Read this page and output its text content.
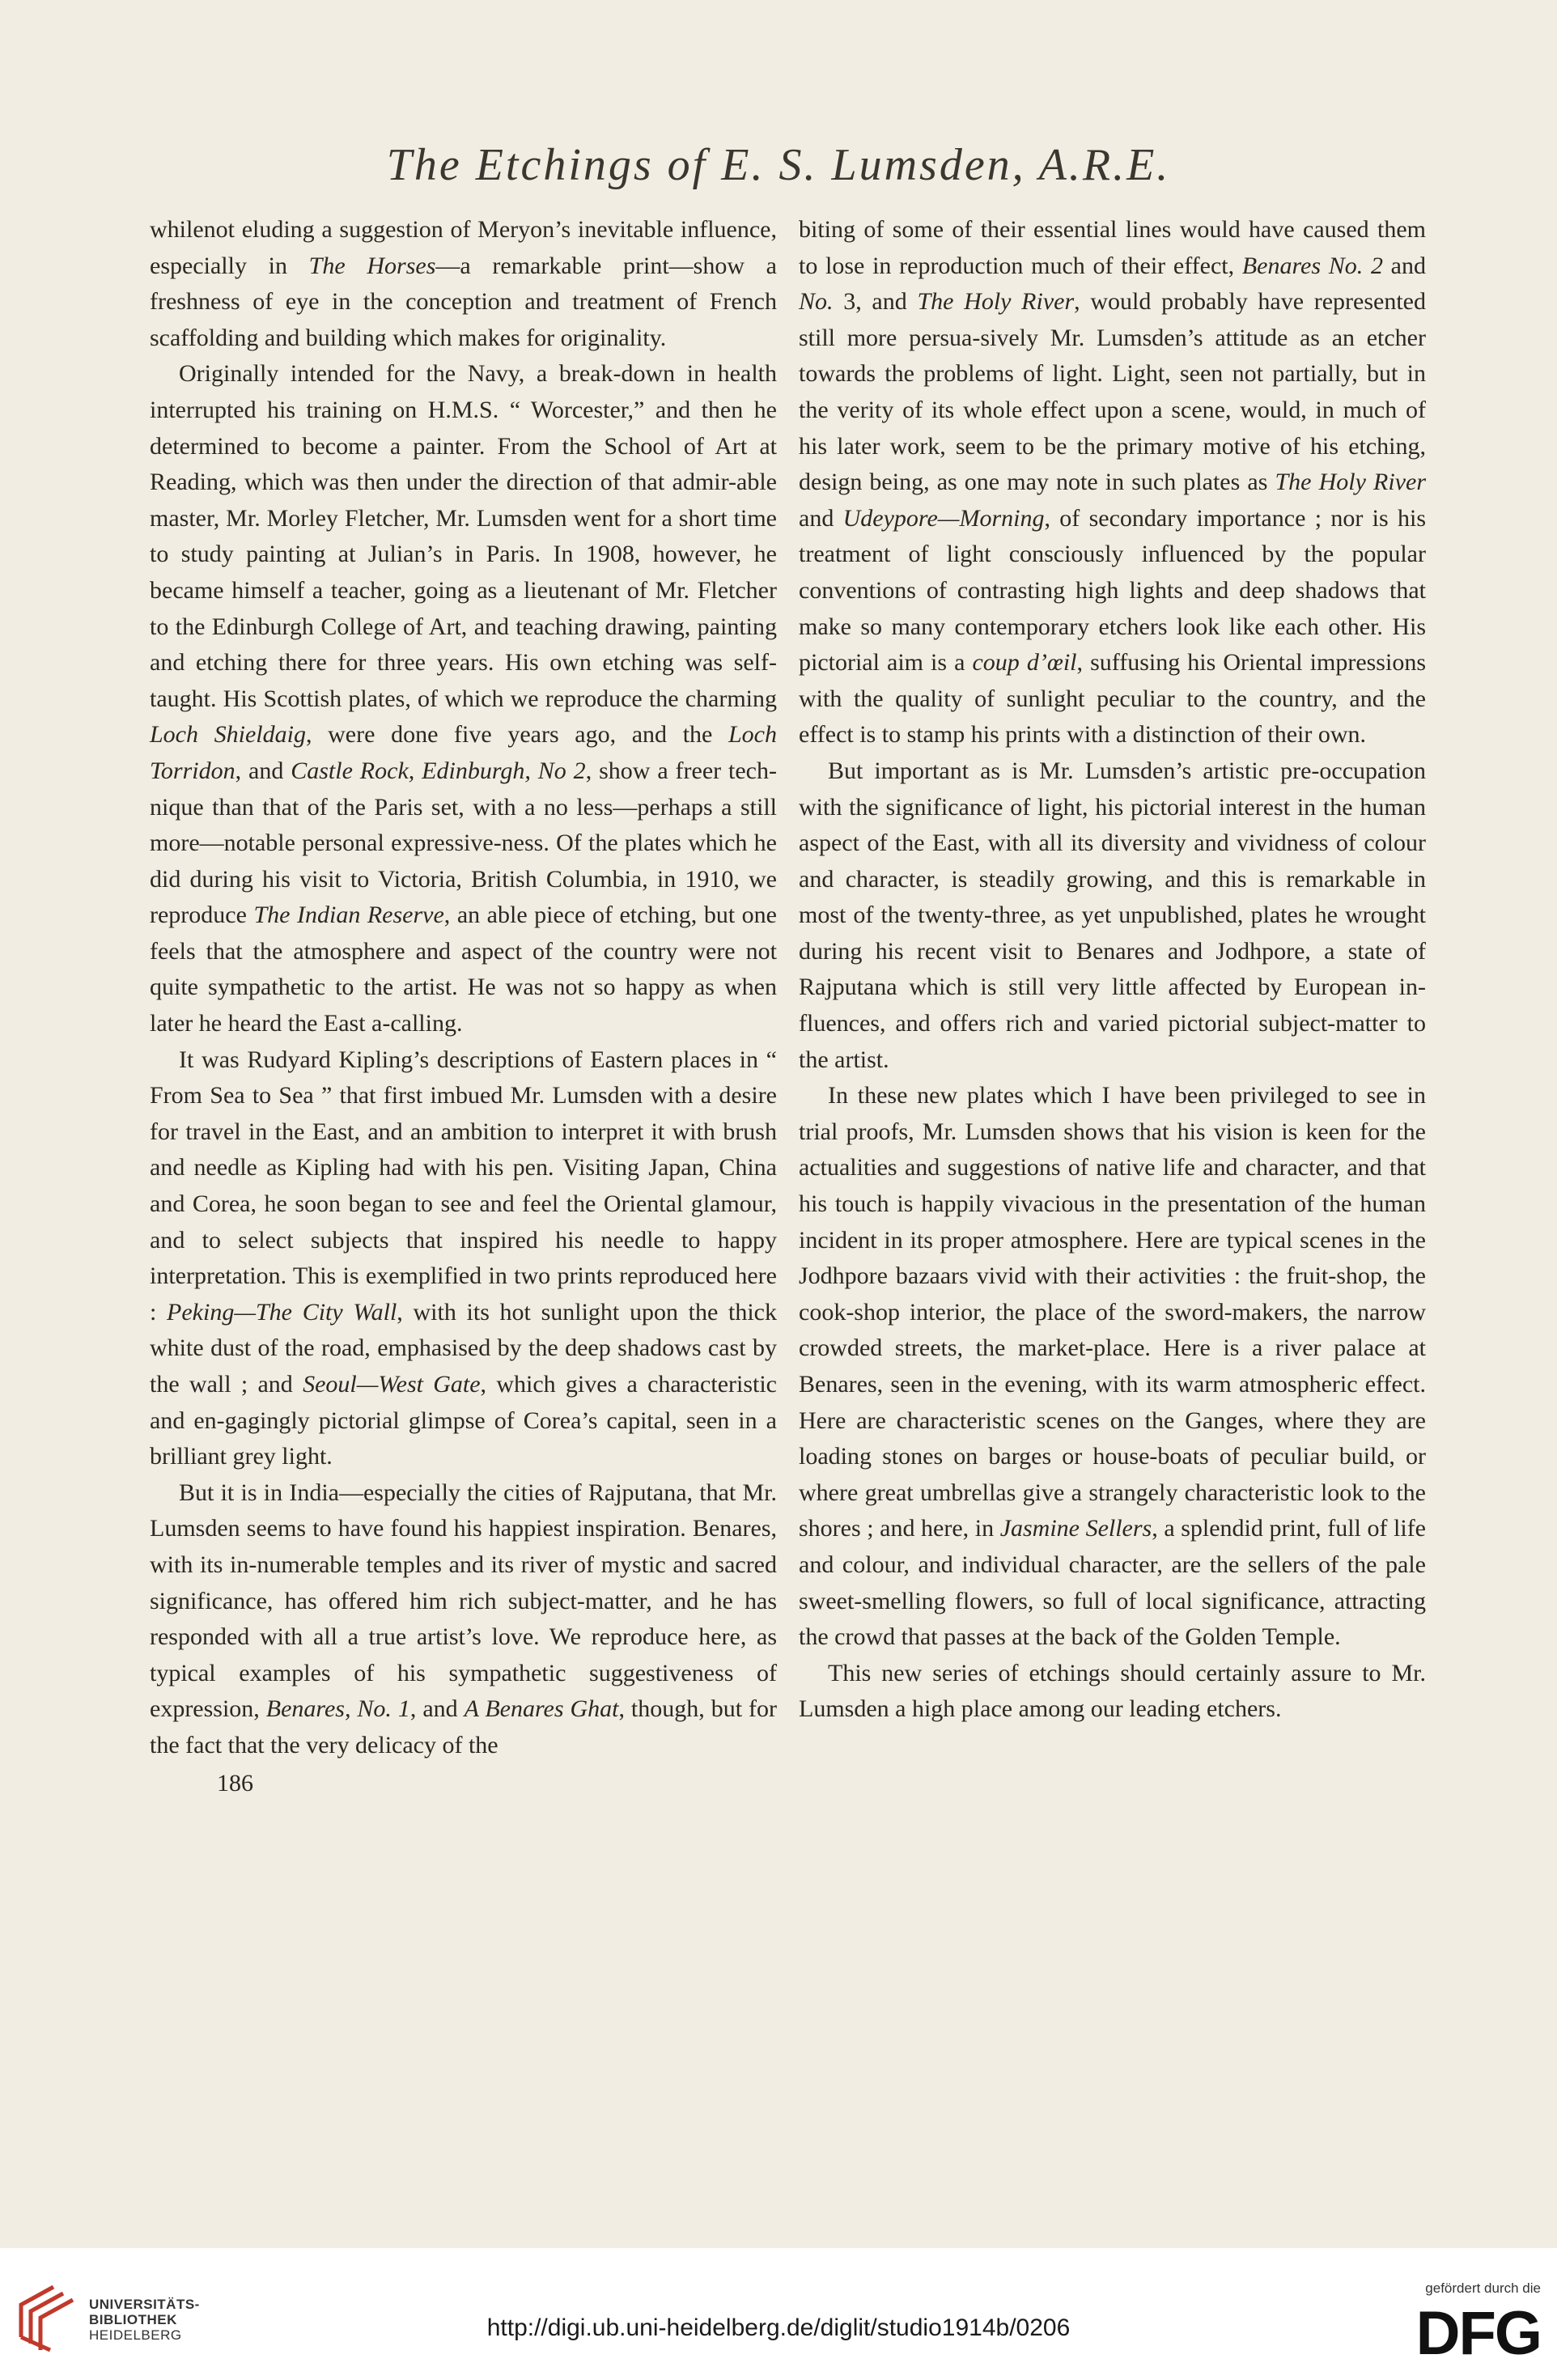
The Etchings of E. S. Lumsden, A.R.E.

whilenot eluding a suggestion of Meryon’s inevitable influence, especially in The Horses—a remarkable print—show a freshness of eye in the conception and treatment of French scaffolding and building which makes for originality.

Originally intended for the Navy, a break-down in health interrupted his training on H.M.S. “ Worcester,” and then he determined to become a painter. From the School of Art at Reading, which was then under the direction of that admir-able master, Mr. Morley Fletcher, Mr. Lumsden went for a short time to study painting at Julian’s in Paris. In 1908, however, he became himself a teacher, going as a lieutenant of Mr. Fletcher to the Edinburgh College of Art, and teaching drawing, painting and etching there for three years. His own etching was self-taught. His Scottish plates, of which we reproduce the charming Loch Shieldaig, were done five years ago, and the Loch Torridon, and Castle Rock, Edinburgh, No 2, show a freer tech-nique than that of the Paris set, with a no less—perhaps a still more—notable personal expressive-ness. Of the plates which he did during his visit to Victoria, British Columbia, in 1910, we reproduce The Indian Reserve, an able piece of etching, but one feels that the atmosphere and aspect of the country were not quite sympathetic to the artist. He was not so happy as when later he heard the East a-calling.

It was Rudyard Kipling’s descriptions of Eastern places in “ From Sea to Sea ” that first imbued Mr. Lumsden with a desire for travel in the East, and an ambition to interpret it with brush and needle as Kipling had with his pen. Visiting Japan, China and Corea, he soon began to see and feel the Oriental glamour, and to select subjects that inspired his needle to happy interpretation. This is exemplified in two prints reproduced here : Peking—The City Wall, with its hot sunlight upon the thick white dust of the road, emphasised by the deep shadows cast by the wall ; and Seoul—West Gate, which gives a characteristic and en-gagingly pictorial glimpse of Corea’s capital, seen in a brilliant grey light.

But it is in India—especially the cities of Rajputana, that Mr. Lumsden seems to have found his happiest inspiration. Benares, with its in-numerable temples and its river of mystic and sacred significance, has offered him rich subject-matter, and he has responded with all a true artist’s love. We reproduce here, as typical examples of his sympathetic suggestiveness of expression, Benares, No. 1, and A Benares Ghat, though, but for the fact that the very delicacy of the

186

biting of some of their essential lines would have caused them to lose in reproduction much of their effect, Benares No. 2 and No. 3, and The Holy River, would probably have represented still more persua-sively Mr. Lumsden’s attitude as an etcher towards the problems of light. Light, seen not partially, but in the verity of its whole effect upon a scene, would, in much of his later work, seem to be the primary motive of his etching, design being, as one may note in such plates as The Holy River and Udeypore—Morning, of secondary importance ; nor is his treatment of light consciously influenced by the popular conventions of contrasting high lights and deep shadows that make so many contemporary etchers look like each other. His pictorial aim is a coup d’œil, suffusing his Oriental impressions with the quality of sunlight peculiar to the country, and the effect is to stamp his prints with a distinction of their own.

But important as is Mr. Lumsden’s artistic pre-occupation with the significance of light, his pictorial interest in the human aspect of the East, with all its diversity and vividness of colour and character, is steadily growing, and this is remarkable in most of the twenty-three, as yet unpublished, plates he wrought during his recent visit to Benares and Jodhpore, a state of Rajputana which is still very little affected by European in-fluences, and offers rich and varied pictorial subject-matter to the artist.

In these new plates which I have been privileged to see in trial proofs, Mr. Lumsden shows that his vision is keen for the actualities and suggestions of native life and character, and that his touch is happily vivacious in the presentation of the human incident in its proper atmosphere. Here are typical scenes in the Jodhpore bazaars vivid with their activities : the fruit-shop, the cook-shop interior, the place of the sword-makers, the narrow crowded streets, the market-place. Here is a river palace at Benares, seen in the evening, with its warm atmospheric effect. Here are characteristic scenes on the Ganges, where they are loading stones on barges or house-boats of peculiar build, or where great umbrellas give a strangely characteristic look to the shores ; and here, in Jasmine Sellers, a splendid print, full of life and colour, and individual character, are the sellers of the pale sweet-smelling flowers, so full of local significance, attracting the crowd that passes at the back of the Golden Temple.

This new series of etchings should certainly assure to Mr. Lumsden a high place among our leading etchers.

UNIVERSITÄTS-
BIBLIOTHEK
HEIDELBERG	http://digi.ub.uni-heidelberg.de/diglit/studio1914b/0206
gefördert durch die
DFG
